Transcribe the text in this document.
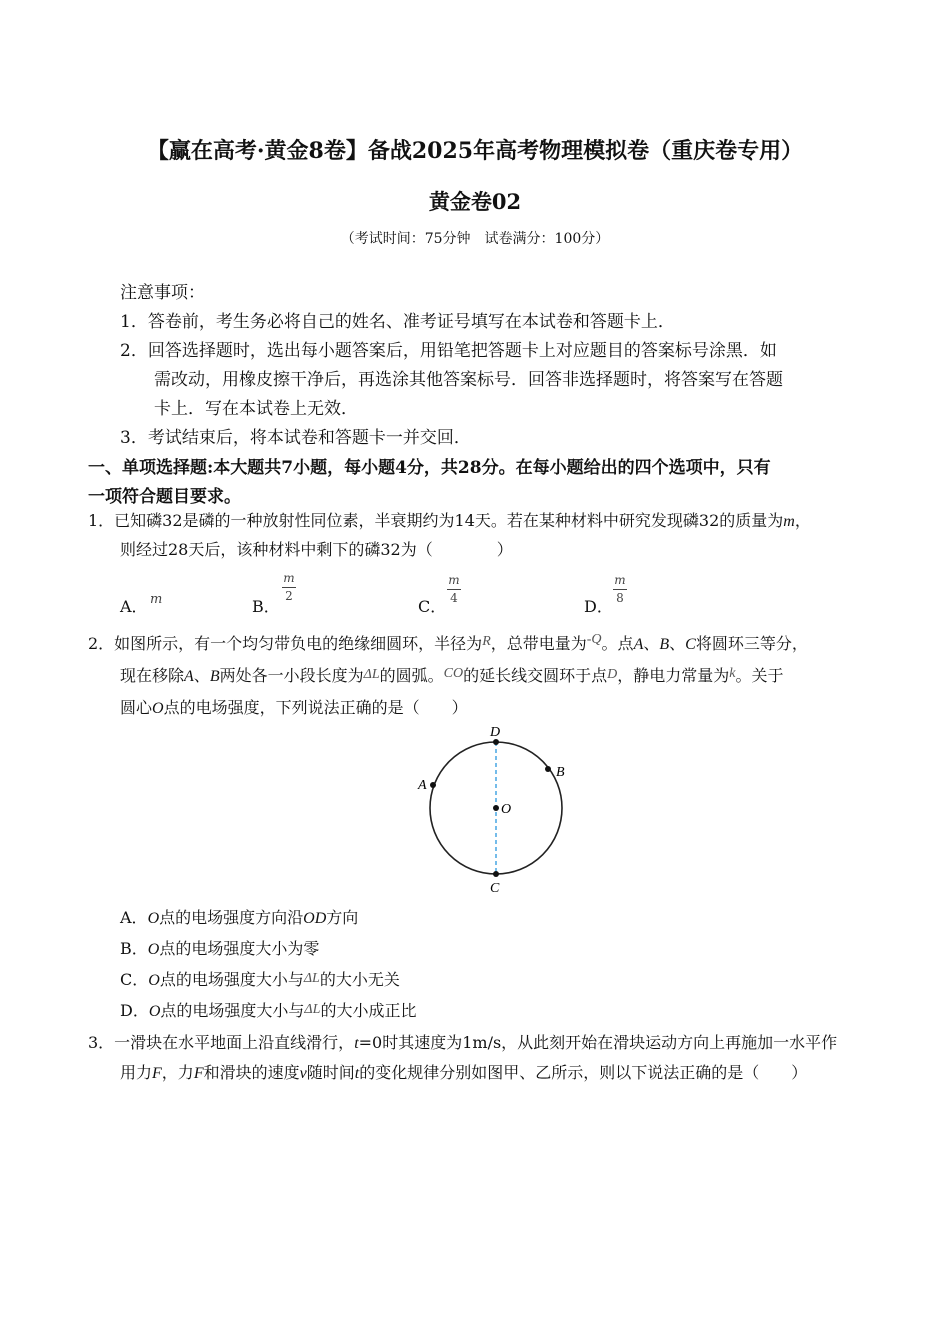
【赢在高考·黄金8卷】备战2025年高考物理模拟卷（重庆卷专用）
黄金卷02
（考试时间：75分钟　试卷满分：100分）
注意事项：
1．答卷前，考生务必将自己的姓名、准考证号填写在本试卷和答题卡上．
2．回答选择题时，选出每小题答案后，用铅笔把答题卡上对应题目的答案标号涂黑．如
需改动，用橡皮擦干净后，再选涂其他答案标号．回答非选择题时，将答案写在答题
卡上．写在本试卷上无效．
3．考试结束后，将本试卷和答题卡一并交回．
一、单项选择题:本大题共7小题，每小题4分，共28分。在每小题给出的四个选项中，只有
一项符合题目要求。
1．已知磷32是磷的一种放射性同位素，半衰期约为14天。若在某种材料中研究发现磷32的质量为m，
则经过28天后，该种材料中剩下的磷32为（　　　　）
A． m	B．
m
2
C．
m
4	D．
m
8
2．如图所示，有一个均匀带负电的绝缘细圆环，半径为R，总带电量为-Q。点A、B、C将圆环三等分，
现在移除A、B两处各一小段长度为ΔL的圆弧。CO的延长线交圆环于点D，静电力常量为k。关于
圆心O点的电场强度，下列说法正确的是（　　）
D
B
A
O
C
A．O点的电场强度方向沿OD方向
B．O点的电场强度大小为零
C．O点的电场强度大小与ΔL的大小无关
D．O点的电场强度大小与ΔL的大小成正比
3．一滑块在水平地面上沿直线滑行，t=0时其速度为1m/s，从此刻开始在滑块运动方向上再施加一水平作
用力F，力F和滑块的速度v随时间t的变化规律分别如图甲、乙所示，则以下说法正确的是（　　）
